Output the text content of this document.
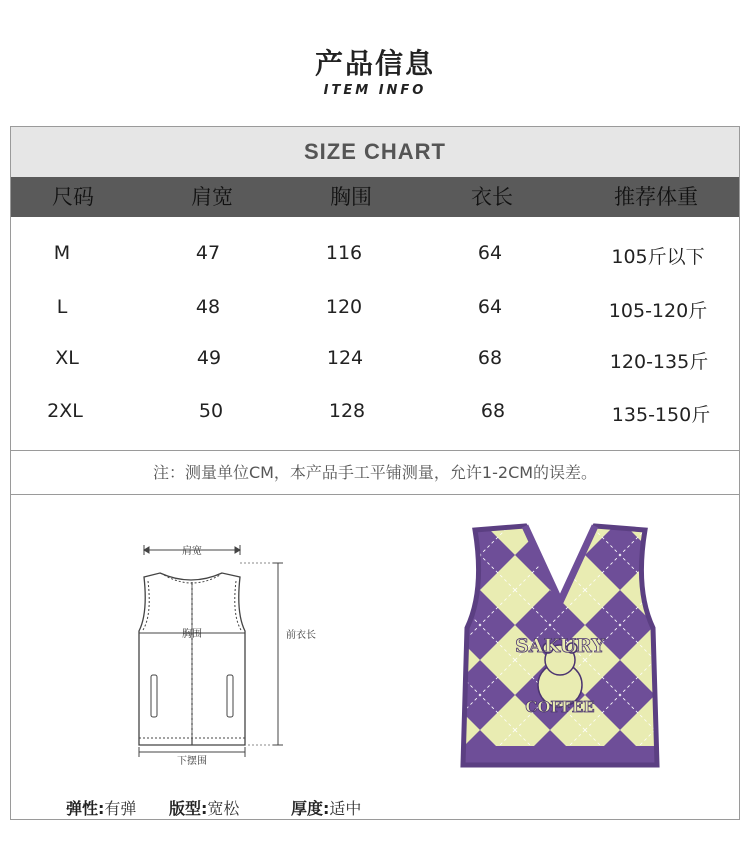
产品信息
ITEM INFO
SIZE CHART
尺码	肩宽	胸围	衣长	推荐体重
M	47	116	64	105斤以下
L	48	120	64	105-120斤
XL	49	124	68	120-135斤
2XL	50	128	68	135-150斤
注：测量单位CM，本产品手工平铺测量，允许1-2CM的误差。
肩宽
胸围	前衣长
下摆围
SAKURY
COFFEE
弹性:有弹 版型:宽松	厚度:适中
